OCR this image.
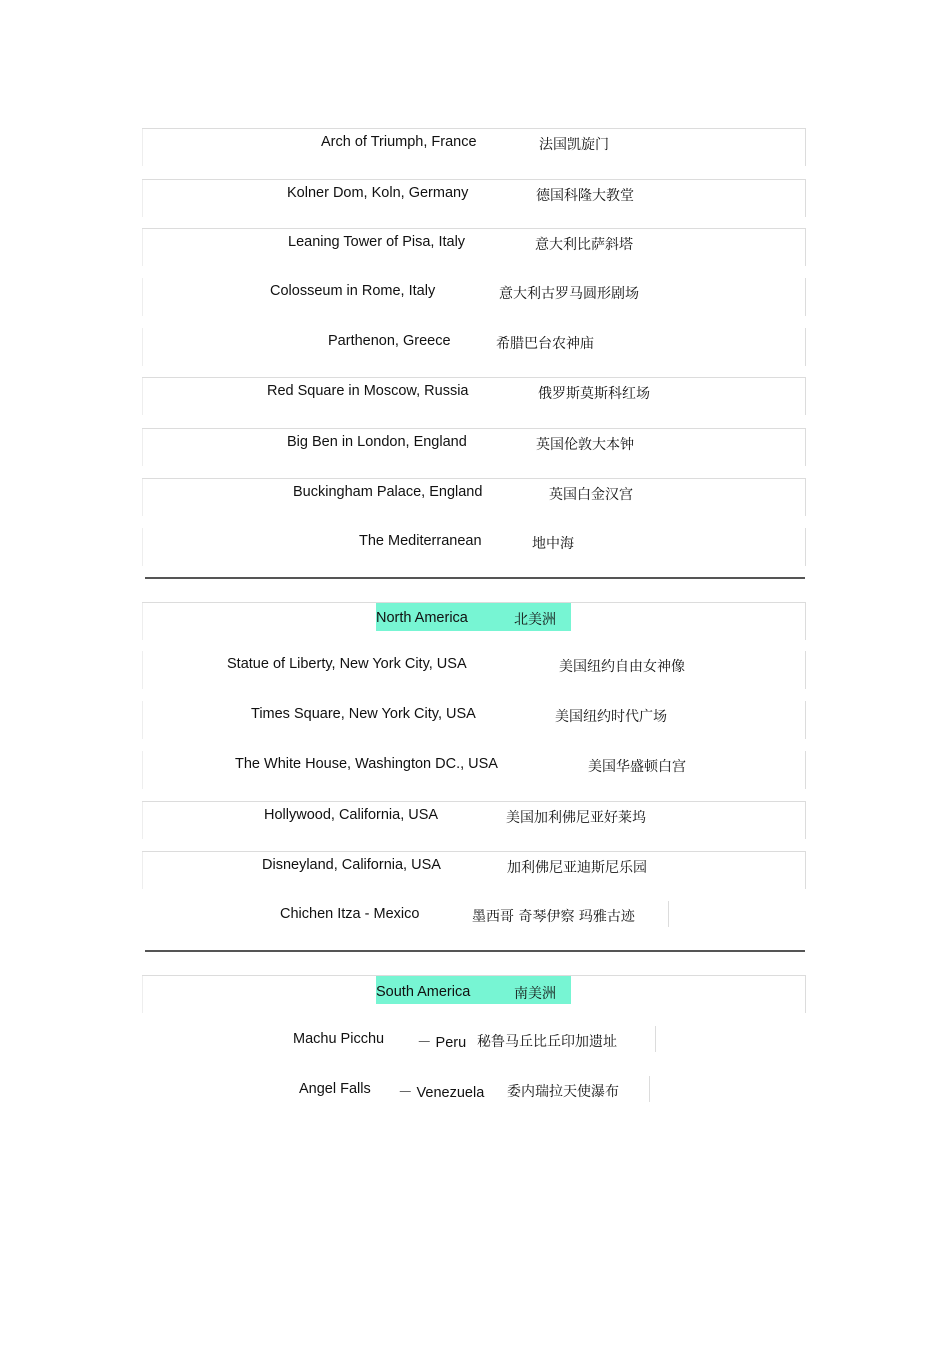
Arch of Triumph, France	法国凯旋门
Kolner Dom, Koln, Germany	德国科隆大教堂
Leaning Tower of Pisa, Italy	意大利比萨斜塔
Colosseum in Rome, Italy	意大利古罗马圆形剧场
Parthenon, Greece	希腊巴台农神庙
Red Square in Moscow, Russia	俄罗斯莫斯科红场
Big Ben in London, England	英国伦敦大本钟
Buckingham Palace, England	英国白金汉宫
The Mediterranean	地中海
North America	北美洲
Statue of Liberty, New York City, USA	美国纽约自由女神像
Times Square, New York City, USA	美国纽约时代广场
The White House, Washington DC., USA	美国华盛顿白宫
Hollywood, California, USA	美国加利佛尼亚好莱坞
Disneyland, California, USA	加利佛尼亚迪斯尼乐园
Chichen Itza - Mexico	墨西哥 奇琴伊察 玛雅古迹
South America	南美洲
Machu Picchu － Peru 秘鲁马丘比丘印加遗址
Angel Falls － Venezuela 委内瑞拉天使瀑布
